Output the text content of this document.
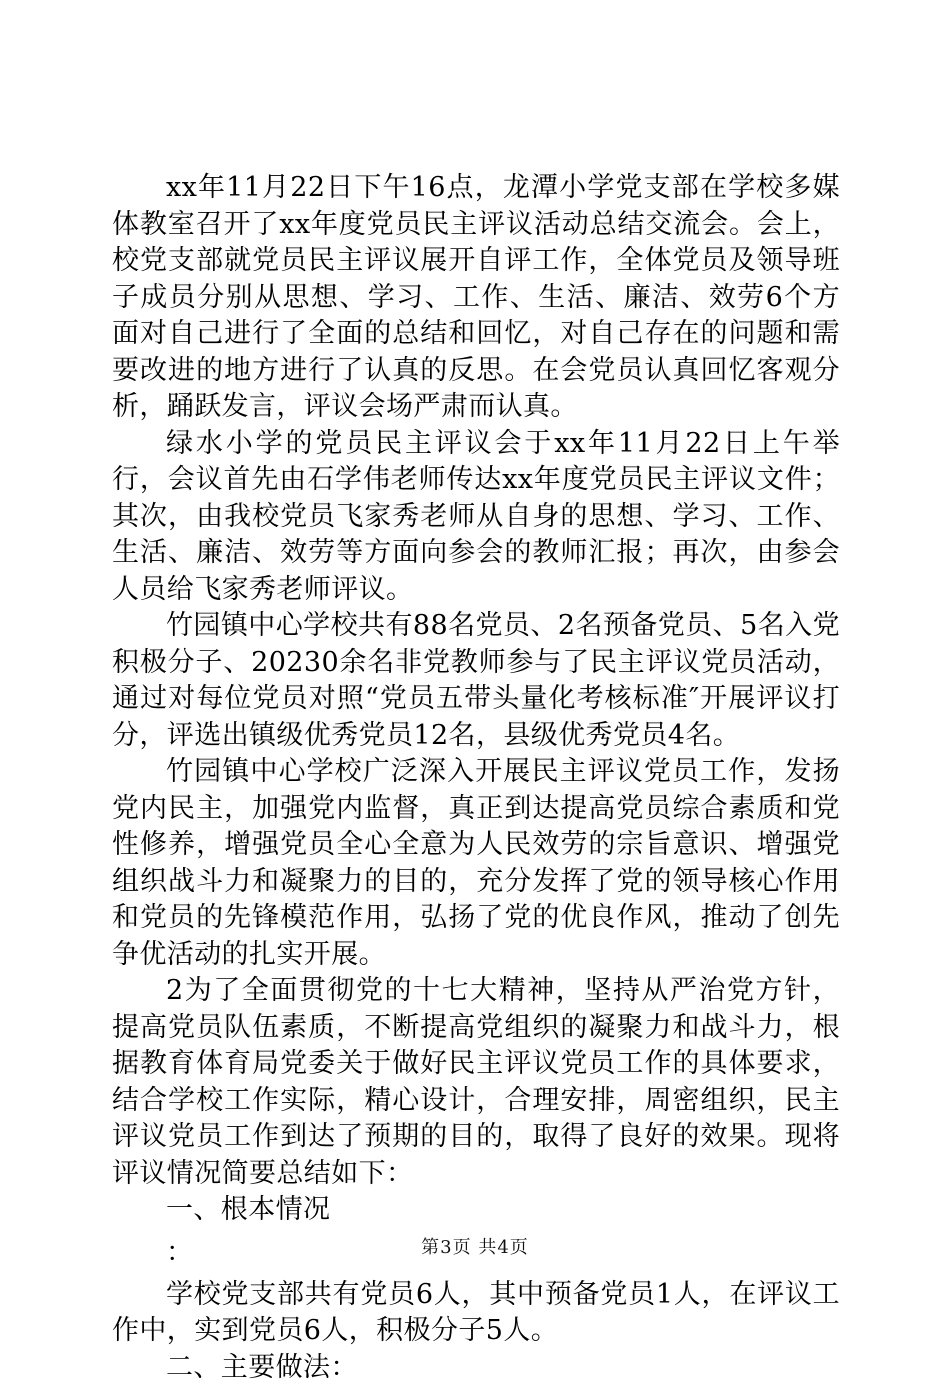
xx年11月22日下午16点，龙潭小学党支部在学校多媒体教室召开了xx年度党员民主评议活动总结交流会。会上，校党支部就党员民主评议展开自评工作，全体党员及领导班子成员分别从思想、学习、工作、生活、廉洁、效劳6个方面对自己进行了全面的总结和回忆，对自己存在的问题和需要改进的地方进行了认真的反思。在会党员认真回忆客观分析，踊跃发言，评议会场严肃而认真。

绿水小学的党员民主评议会于xx年11月22日上午举行，会议首先由石学伟老师传达xx年度党员民主评议文件；其次，由我校党员飞家秀老师从自身的思想、学习、工作、生活、廉洁、效劳等方面向参会的教师汇报；再次，由参会人员给飞家秀老师评议。

竹园镇中心学校共有88名党员、2名预备党员、5名入党积极分子、20230余名非党教师参与了民主评议党员活动，通过对每位党员对照“党员五带头量化考核标准″开展评议打分，评选出镇级优秀党员12名，县级优秀党员4名。

竹园镇中心学校广泛深入开展民主评议党员工作，发扬党内民主，加强党内监督，真正到达提高党员综合素质和党性修养，增强党员全心全意为人民效劳的宗旨意识、增强党组织战斗力和凝聚力的目的，充分发挥了党的领导核心作用和党员的先锋模范作用，弘扬了党的优良作风，推动了创先争优活动的扎实开展。

2为了全面贯彻党的十七大精神，坚持从严治党方针，提高党员队伍素质，不断提高党组织的凝聚力和战斗力，根据教育体育局党委关于做好民主评议党员工作的具体要求，结合学校工作实际，精心设计，合理安排，周密组织，民主评议党员工作到达了预期的目的，取得了良好的效果。现将评议情况简要总结如下：

一、根本情况

：

学校党支部共有党员6人，其中预备党员1人，在评议工作中，实到党员6人，积极分子5人。

二、主要做法：

第3页 共4页
